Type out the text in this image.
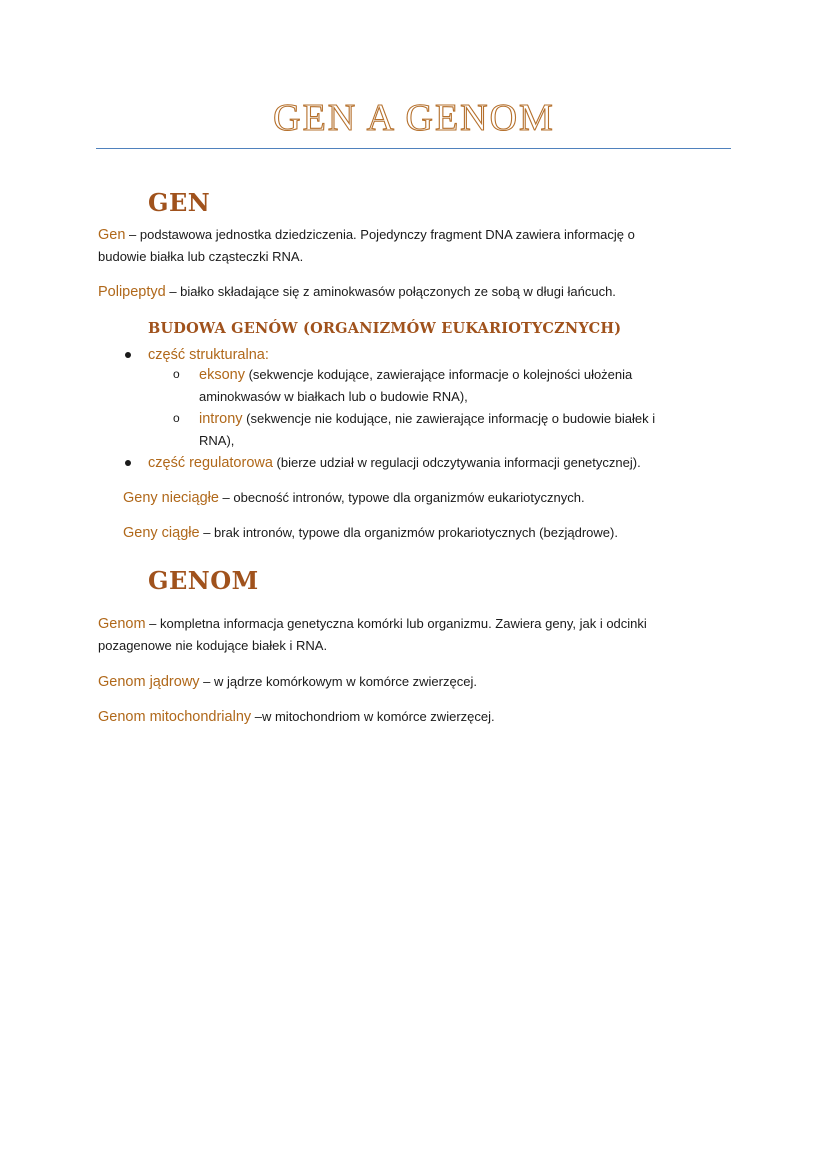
GEN A GENOM
GEN
Gen – podstawowa jednostka dziedziczenia. Pojedynczy fragment DNA zawiera informację o
budowie białka lub cząsteczki RNA.
Polipeptyd – białko składające się z aminokwasów połączonych ze sobą w długi łańcuch.
BUDOWA GENÓW (ORGANIZMÓW EUKARIOTYCZNYCH)
część strukturalna:
o eksony (sekwencje kodujące, zawierające informacje o kolejności ułożenia
aminokwasów w białkach lub o budowie RNA),
o introny (sekwencje nie kodujące, nie zawierające informację o budowie białek i
RNA),
część regulatorowa (bierze udział w regulacji odczytywania informacji genetycznej).
Geny nieciągłe – obecność intronów, typowe dla organizmów eukariotycznych.
Geny ciągłe – brak intronów, typowe dla organizmów prokariotycznych (bezjądrowe).
GENOM
Genom – kompletna informacja genetyczna komórki lub organizmu. Zawiera geny, jak i odcinki
pozagenowe nie kodujące białek i RNA.
Genom jądrowy – w jądrze komórkowym w komórce zwierzęcej.
Genom mitochondrialny –w mitochondriom w komórce zwierzęcej.
